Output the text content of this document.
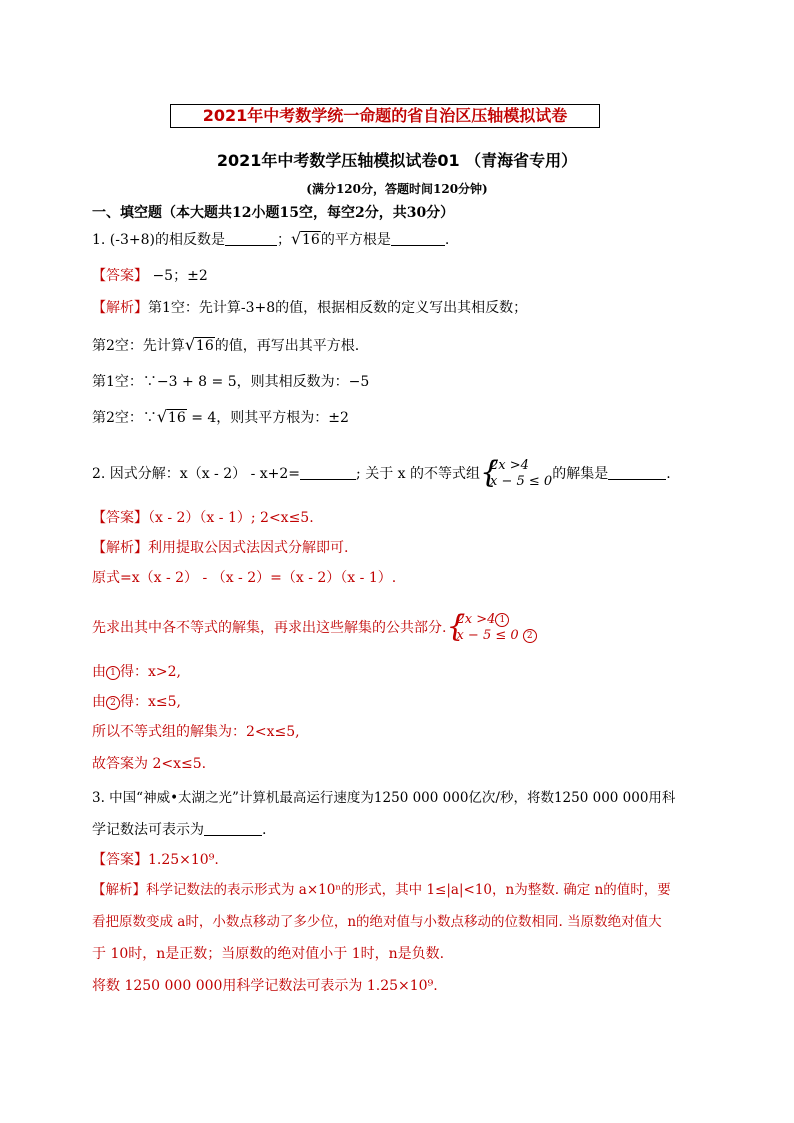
2021年中考数学统一命题的省自治区压轴模拟试卷
2021年中考数学压轴模拟试卷01 （青海省专用）
(满分120分，答题时间120分钟)
一、填空题（本大题共12小题15空，每空2分，共30分）
1. (-3+8)的相反数是	； √ 16的平方根是	.
【答案】 −5；±2
【解析】第1空：先计算-3+8的值，根据相反数的定义写出其相反数；
第2空：先计算 √ 16的值，再写出其平方根.
第1空：∵−3 + 8 = 5，则其相反数为：−5
第2空：∵ √ 16 = 4，则其平方根为：±2
2. 因式分解：x（x - 2） - x+2=	; 关于 x 的不等式组 {
2x >4
x − 5 ≤ 0的解集是	.
【答案】（x - 2）（x - 1）; 2<x≤5.
【解析】利用提取公因式法因式分解即可.
原式=x（x - 2） - （x - 2）=（x - 2）（x - 1）.
先求出其中各不等式的解集，再求出这些解集的公共部分. {
2x >4 1
x − 5 ≤ 0 2
由 1 得：x>2,
由 2 得：x≤5,
所以不等式组的解集为：2<x≤5,
故答案为 2<x≤5.
3. 中国“神威•太湖之光”计算机最高运行速度为1250 000 000亿次/秒，将数1250 000 000用科
学记数法可表示为	.
【答案】1.25×10⁹.
【解析】科学记数法的表示形式为 a×10ⁿ的形式，其中 1≤|a|<10，n为整数. 确定 n的值时，要
看把原数变成 a时，小数点移动了多少位，n的绝对值与小数点移动的位数相同. 当原数绝对值大
于 10时，n是正数；当原数的绝对值小于 1时，n是负数.
将数 1250 000 000用科学记数法可表示为 1.25×10⁹.
